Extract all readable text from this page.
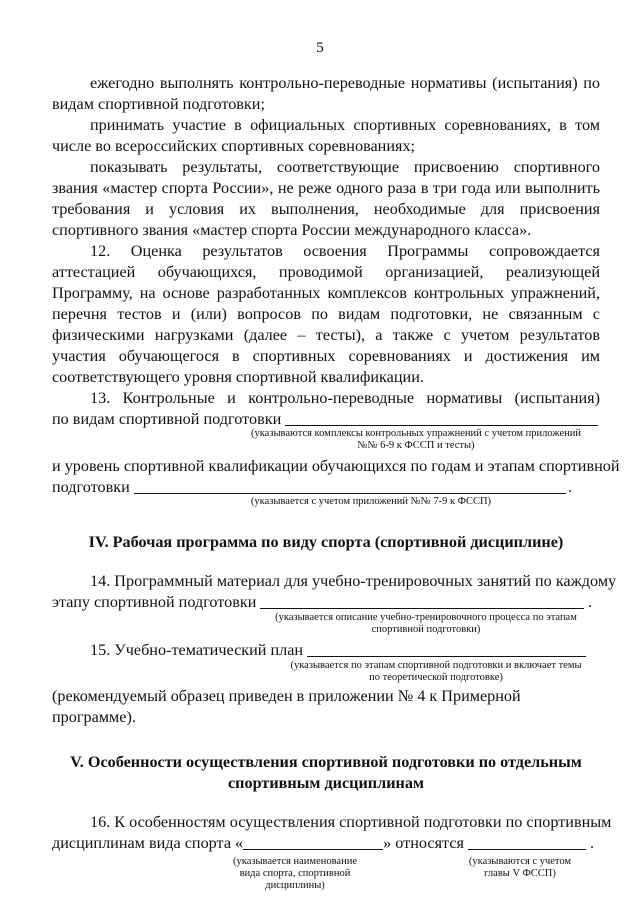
5

ежегодно выполнять контрольно-переводные нормативы (испытания) по видам спортивной подготовки;

принимать участие в официальных спортивных соревнованиях, в том числе во всероссийских спортивных соревнованиях;

показывать результаты, соответствующие присвоению спортивного звания «мастер спорта России», не реже одного раза в три года или выполнить требования и условия их выполнения, необходимые для присвоения спортивного звания «мастер спорта России международного класса».

12. Оценка результатов освоения Программы сопровождается аттестацией обучающихся, проводимой организацией, реализующей Программу, на основе разработанных комплексов контрольных упражнений, перечня тестов и (или) вопросов по видам подготовки, не связанным с физическими нагрузками (далее – тесты), а также с учетом результатов участия обучающегося в спортивных соревнованиях и достижения им соответствующего уровня спортивной квалификации.

13. Контрольные и контрольно-переводные нормативы (испытания)
по видам спортивной подготовки
(указываются комплексы контрольных упражнений с учетом приложений
№№ 6-9 к ФССП и тесты)
и уровень спортивной квалификации обучающихся по годам и этапам спортивной
подготовки	.
(указывается с учетом приложений №№ 7-9 к ФССП)
IV. Рабочая программа по виду спорта (спортивной дисциплине)
14. Программный материал для учебно-тренировочных занятий по каждому
этапу спортивной подготовки	.
(указывается описание учебно-тренировочного процесса по этапам
спортивной подготовки)
15. Учебно-тематический план
(указывается по этапам спортивной подготовки и включает темы
по теоретической подготовке)
(рекомендуемый образец приведен в приложении № 4 к Примерной программе).
V. Особенности осуществления спортивной подготовки по отдельным
спортивным дисциплинам
16. К особенностям осуществления спортивной подготовки по спортивным
дисциплинам вида спорта «	» относятся	.
(указывается наименование
вида спорта, спортивной
дисциплины)
(указываются с учетом
главы V ФССП)
